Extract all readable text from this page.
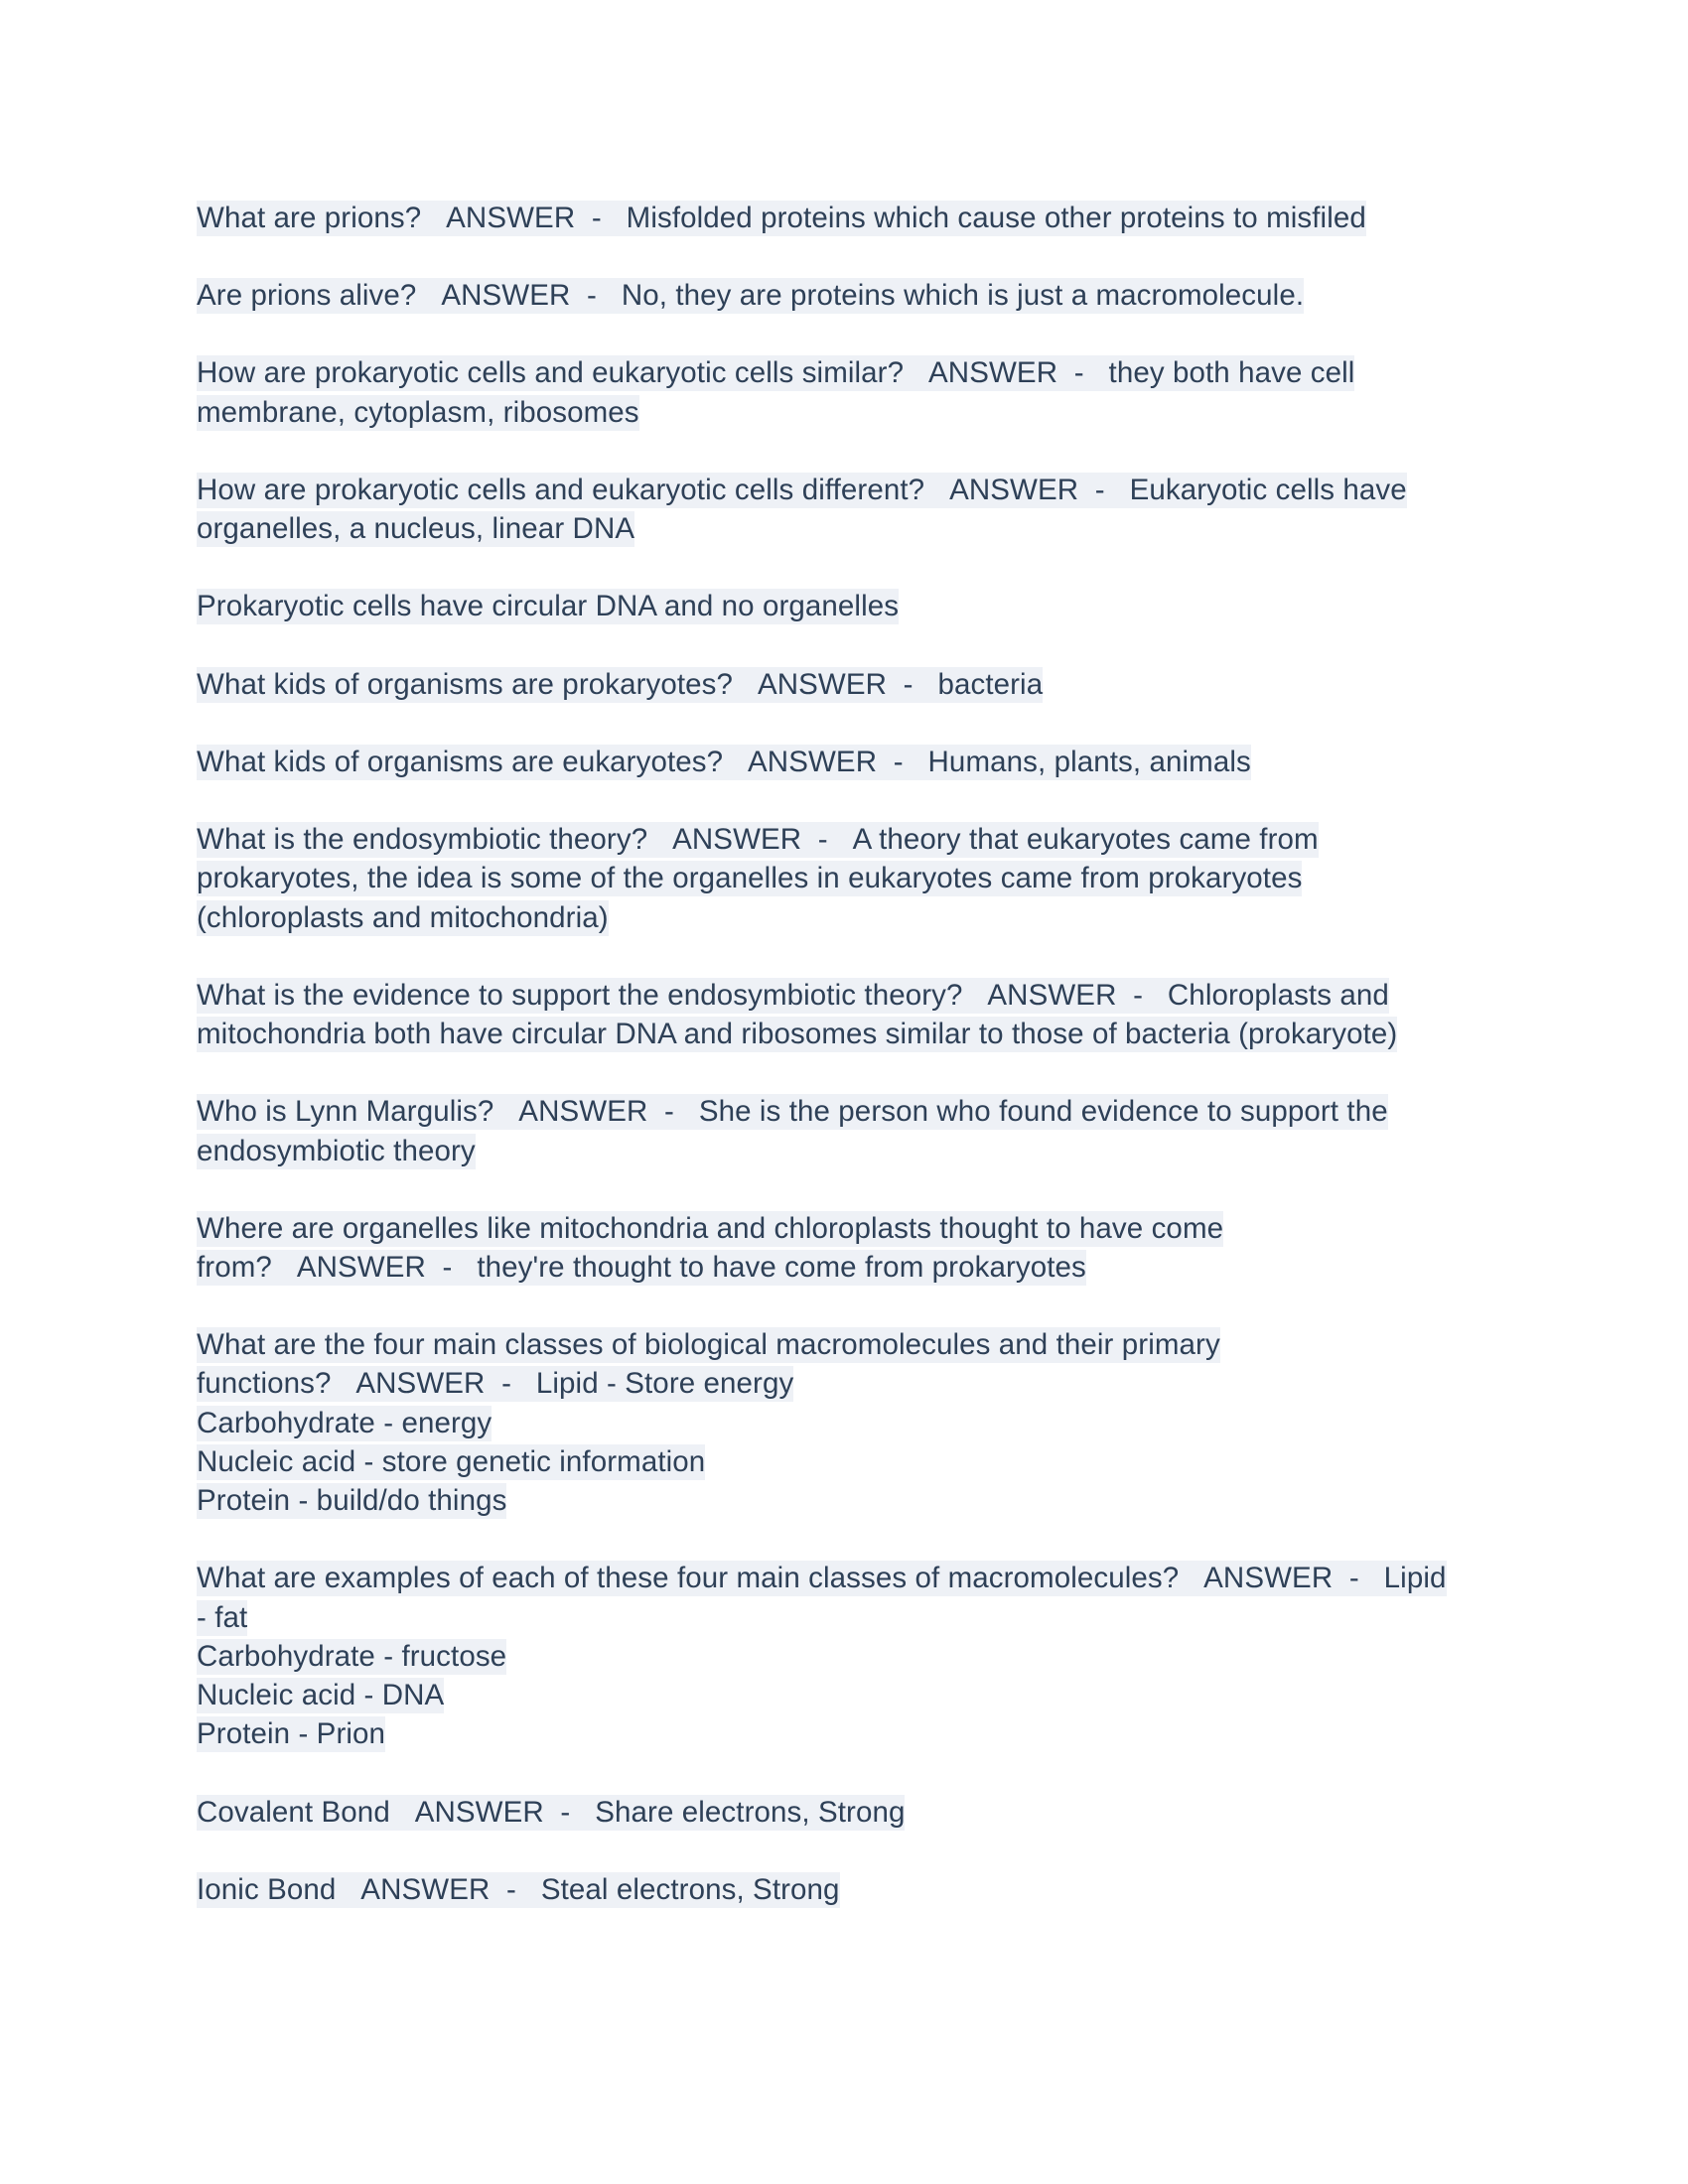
What are prions? ANSWER - Misfolded proteins which cause other proteins to misfiled
Are prions alive? ANSWER - No, they are proteins which is just a macromolecule.
How are prokaryotic cells and eukaryotic cells similar? ANSWER - they both have cell membrane, cytoplasm, ribosomes
How are prokaryotic cells and eukaryotic cells different? ANSWER - Eukaryotic cells have organelles, a nucleus, linear DNA
Prokaryotic cells have circular DNA and no organelles
What kids of organisms are prokaryotes? ANSWER - bacteria
What kids of organisms are eukaryotes? ANSWER - Humans, plants, animals
What is the endosymbiotic theory? ANSWER - A theory that eukaryotes came from prokaryotes, the idea is some of the organelles in eukaryotes came from prokaryotes (chloroplasts and mitochondria)
What is the evidence to support the endosymbiotic theory? ANSWER - Chloroplasts and mitochondria both have circular DNA and ribosomes similar to those of bacteria (prokaryote)
Who is Lynn Margulis? ANSWER - She is the person who found evidence to support the endosymbiotic theory
Where are organelles like mitochondria and chloroplasts thought to have come from? ANSWER - they're thought to have come from prokaryotes
What are the four main classes of biological macromolecules and their primary functions? ANSWER - Lipid - Store energy
Carbohydrate - energy
Nucleic acid - store genetic information
Protein - build/do things
What are examples of each of these four main classes of macromolecules? ANSWER - Lipid - fat
Carbohydrate - fructose
Nucleic acid - DNA
Protein - Prion
Covalent Bond ANSWER - Share electrons, Strong
Ionic Bond ANSWER - Steal electrons, Strong
